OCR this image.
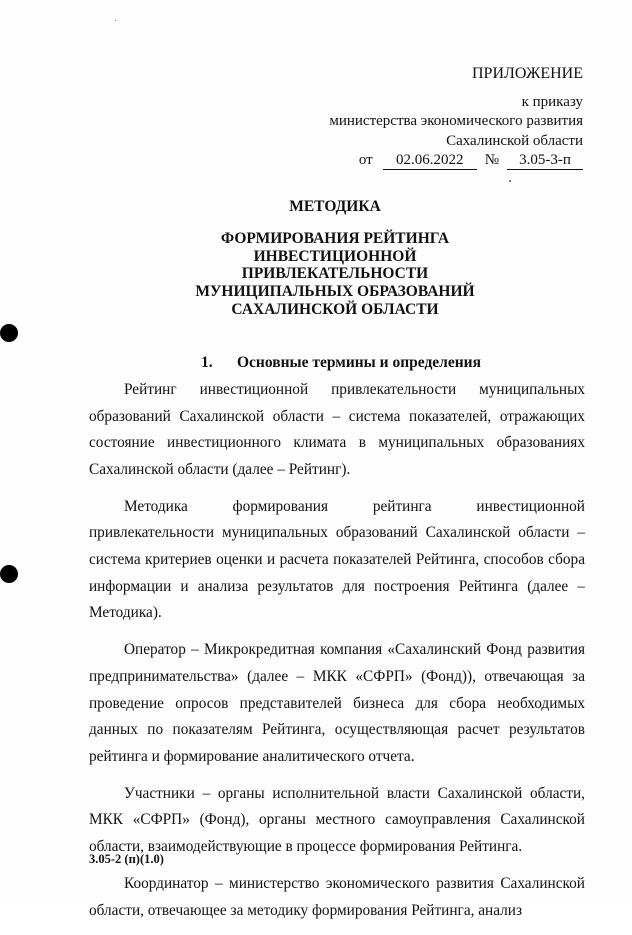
ПРИЛОЖЕНИЕ
к приказу
министерства экономического развития
Сахалинской области
от 02.06.2022 № 3.05-3-п
МЕТОДИКА
ФОРМИРОВАНИЯ РЕЙТИНГА
ИНВЕСТИЦИОННОЙ
ПРИВЛЕКАТЕЛЬНОСТИ
МУНИЦИПАЛЬНЫХ ОБРАЗОВАНИЙ
САХАЛИНСКОЙ ОБЛАСТИ
1. Основные термины и определения

Рейтинг инвестиционной привлекательности муниципальных образований Сахалинской области – система показателей, отражающих состояние инвестиционного климата в муниципальных образованиях Сахалинской области (далее – Рейтинг).

Методика формирования рейтинга инвестиционной привлекательности муниципальных образований Сахалинской области – система критериев оценки и расчета показателей Рейтинга, способов сбора информации и анализа результатов для построения Рейтинга (далее – Методика).

Оператор – Микрокредитная компания «Сахалинский Фонд развития предпринимательства» (далее – МКК «СФРП» (Фонд)), отвечающая за проведение опросов представителей бизнеса для сбора необходимых данных по показателям Рейтинга, осуществляющая расчет результатов рейтинга и формирование аналитического отчета.

Участники – органы исполнительной власти Сахалинской области, МКК «СФРП» (Фонд), органы местного самоуправления Сахалинской области, взаимодействующие в процессе формирования Рейтинга.

Координатор – министерство экономического развития Сахалинской области, отвечающее за методику формирования Рейтинга, анализ

3.05-2 (п)(1.0)
